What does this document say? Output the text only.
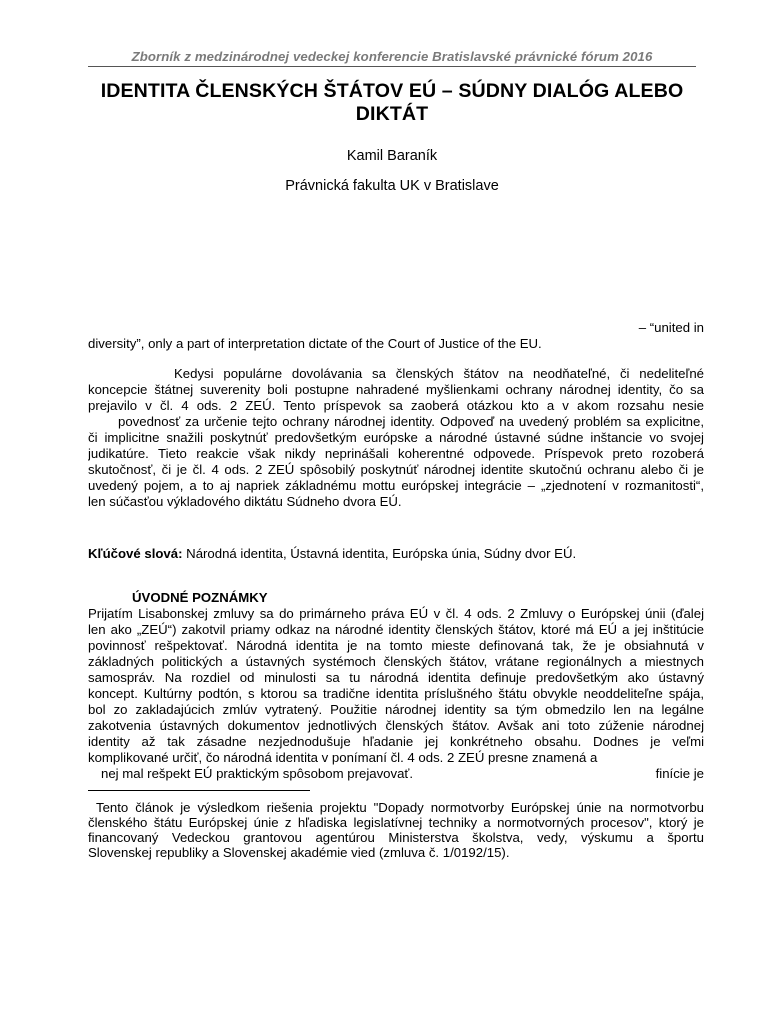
Zborník z medzinárodnej vedeckej konferencie Bratislavské právnické fórum 2016
IDENTITA ČLENSKÝCH ŠTÁTOV EÚ – SÚDNY DIALÓG ALEBO DIKTÁT
Kamil Baraník
Právnická fakulta UK v Bratislave
– “united in
diversity”, only a part of interpretation dictate of the Court of Justice of the EU.
Kedysi populárne dovolávania sa členských štátov na neodňateľné, či nedeliteľné
koncepcie štátnej suverenity boli postupne nahradené myšlienkami ochrany národnej identity, čo sa
prejavilo v čl. 4 ods. 2 ZEÚ. Tento príspevok sa zaoberá otázkou kto a v akom rozsahu nesie
povednosť za určenie tejto ochrany národnej identity. Odpoveď na uvedený problém sa explicitne,
či implicitne snažili poskytnúť predovšetkým európske a národné ústavné súdne inštancie vo svojej
judikatúre. Tieto reakcie však nikdy neprinášali koherentné odpovede. Príspevok preto rozoberá
skutočnosť, či je čl. 4 ods. 2 ZEÚ spôsobilý poskytnúť národnej identite skutočnú ochranu alebo či je
uvedený pojem, a to aj napriek základnému mottu európskej integrácie – „zjednotení v rozmanitosti“,
len súčasťou výkladového diktátu Súdneho dvora EÚ.
Kľúčové slová: Národná identita, Ústavná identita, Európska únia, Súdny dvor EÚ.
ÚVODNÉ POZNÁMKY
Prijatím Lisabonskej zmluvy sa do primárneho práva EÚ v čl. 4 ods. 2 Zmluvy o Európskej únii (ďalej
len ako „ZEÚ“) zakotvil priamy odkaz na národné identity členských štátov, ktoré má EÚ a jej inštitúcie
povinnosť rešpektovať. Národná identita je na tomto mieste definovaná tak, že je obsiahnutá v
základných politických a ústavných systémoch členských štátov, vrátane regionálnych a miestnych
samospráv. Na rozdiel od minulosti sa tu národná identita definuje predovšetkým ako ústavný
koncept. Kultúrny podtón, s ktorou sa tradične identita príslušného štátu obvykle neoddeliteľne spája,
bol zo zakladajúcich zmlúv vytratený. Použitie národnej identity sa tým obmedzilo len na legálne
zakotvenia ústavných dokumentov jednotlivých členských štátov. Avšak ani toto zúženie národnej
identity až tak zásadne nezjednodušuje hľadanie jej konkrétneho obsahu. Dodnes je veľmi
komplikované určiť, čo národná identita v ponímaní čl. 4 ods. 2 ZEÚ presne znamená a
nej mal rešpekt EÚ praktickým spôsobom prejavovať.	finície je
Tento článok je výsledkom riešenia projektu "Dopady normotvorby Európskej únie na normotvorbu
členského štátu Európskej únie z hľadiska legislatívnej techniky a normotvorných procesov", ktorý je
financovaný Vedeckou grantovou agentúrou Ministerstva školstva, vedy, výskumu a športu
Slovenskej republiky a Slovenskej akadémie vied (zmluva č. 1/0192/15).
